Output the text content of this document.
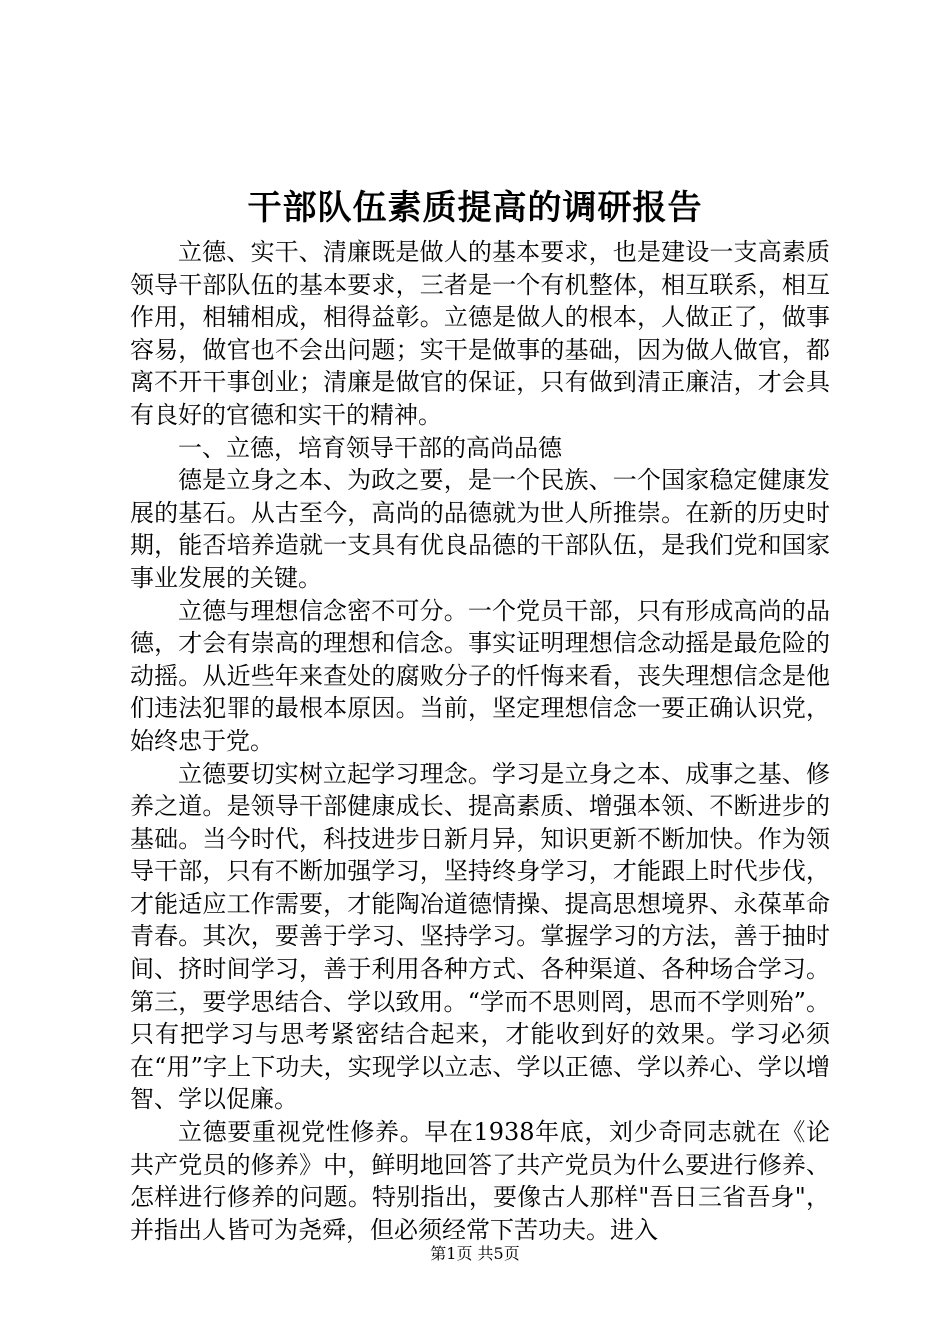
干部队伍素质提高的调研报告

立德、实干、清廉既是做人的基本要求，也是建设一支高素质领导干部队伍的基本要求，三者是一个有机整体，相互联系，相互作用，相辅相成，相得益彰。立德是做人的根本，人做正了，做事容易，做官也不会出问题；实干是做事的基础，因为做人做官，都离不开干事创业；清廉是做官的保证，只有做到清正廉洁，才会具有良好的官德和实干的精神。

一、立德，培育领导干部的高尚品德

德是立身之本、为政之要，是一个民族、一个国家稳定健康发展的基石。从古至今，高尚的品德就为世人所推崇。在新的历史时期，能否培养造就一支具有优良品德的干部队伍，是我们党和国家事业发展的关键。

立德与理想信念密不可分。一个党员干部，只有形成高尚的品德，才会有崇高的理想和信念。事实证明理想信念动摇是最危险的动摇。从近些年来查处的腐败分子的忏悔来看，丧失理想信念是他们违法犯罪的最根本原因。当前，坚定理想信念一要正确认识党，始终忠于党。

立德要切实树立起学习理念。学习是立身之本、成事之基、修养之道。是领导干部健康成长、提高素质、增强本领、不断进步的基础。当今时代，科技进步日新月异，知识更新不断加快。作为领导干部，只有不断加强学习，坚持终身学习，才能跟上时代步伐，才能适应工作需要，才能陶冶道德情操、提高思想境界、永葆革命青春。其次，要善于学习、坚持学习。掌握学习的方法，善于抽时间、挤时间学习，善于利用各种方式、各种渠道、各种场合学习。第三，要学思结合、学以致用。“学而不思则罔，思而不学则殆”。只有把学习与思考紧密结合起来，才能收到好的效果。学习必须在“用”字上下功夫，实现学以立志、学以正德、学以养心、学以增智、学以促廉。

立德要重视党性修养。早在1938年底，刘少奇同志就在《论共产党员的修养》中，鲜明地回答了共产党员为什么要进行修养、怎样进行修养的问题。特别指出，要像古人那样"吾日三省吾身"，并指出人皆可为尧舜，但必须经常下苦功夫。进入

第1页 共5页
